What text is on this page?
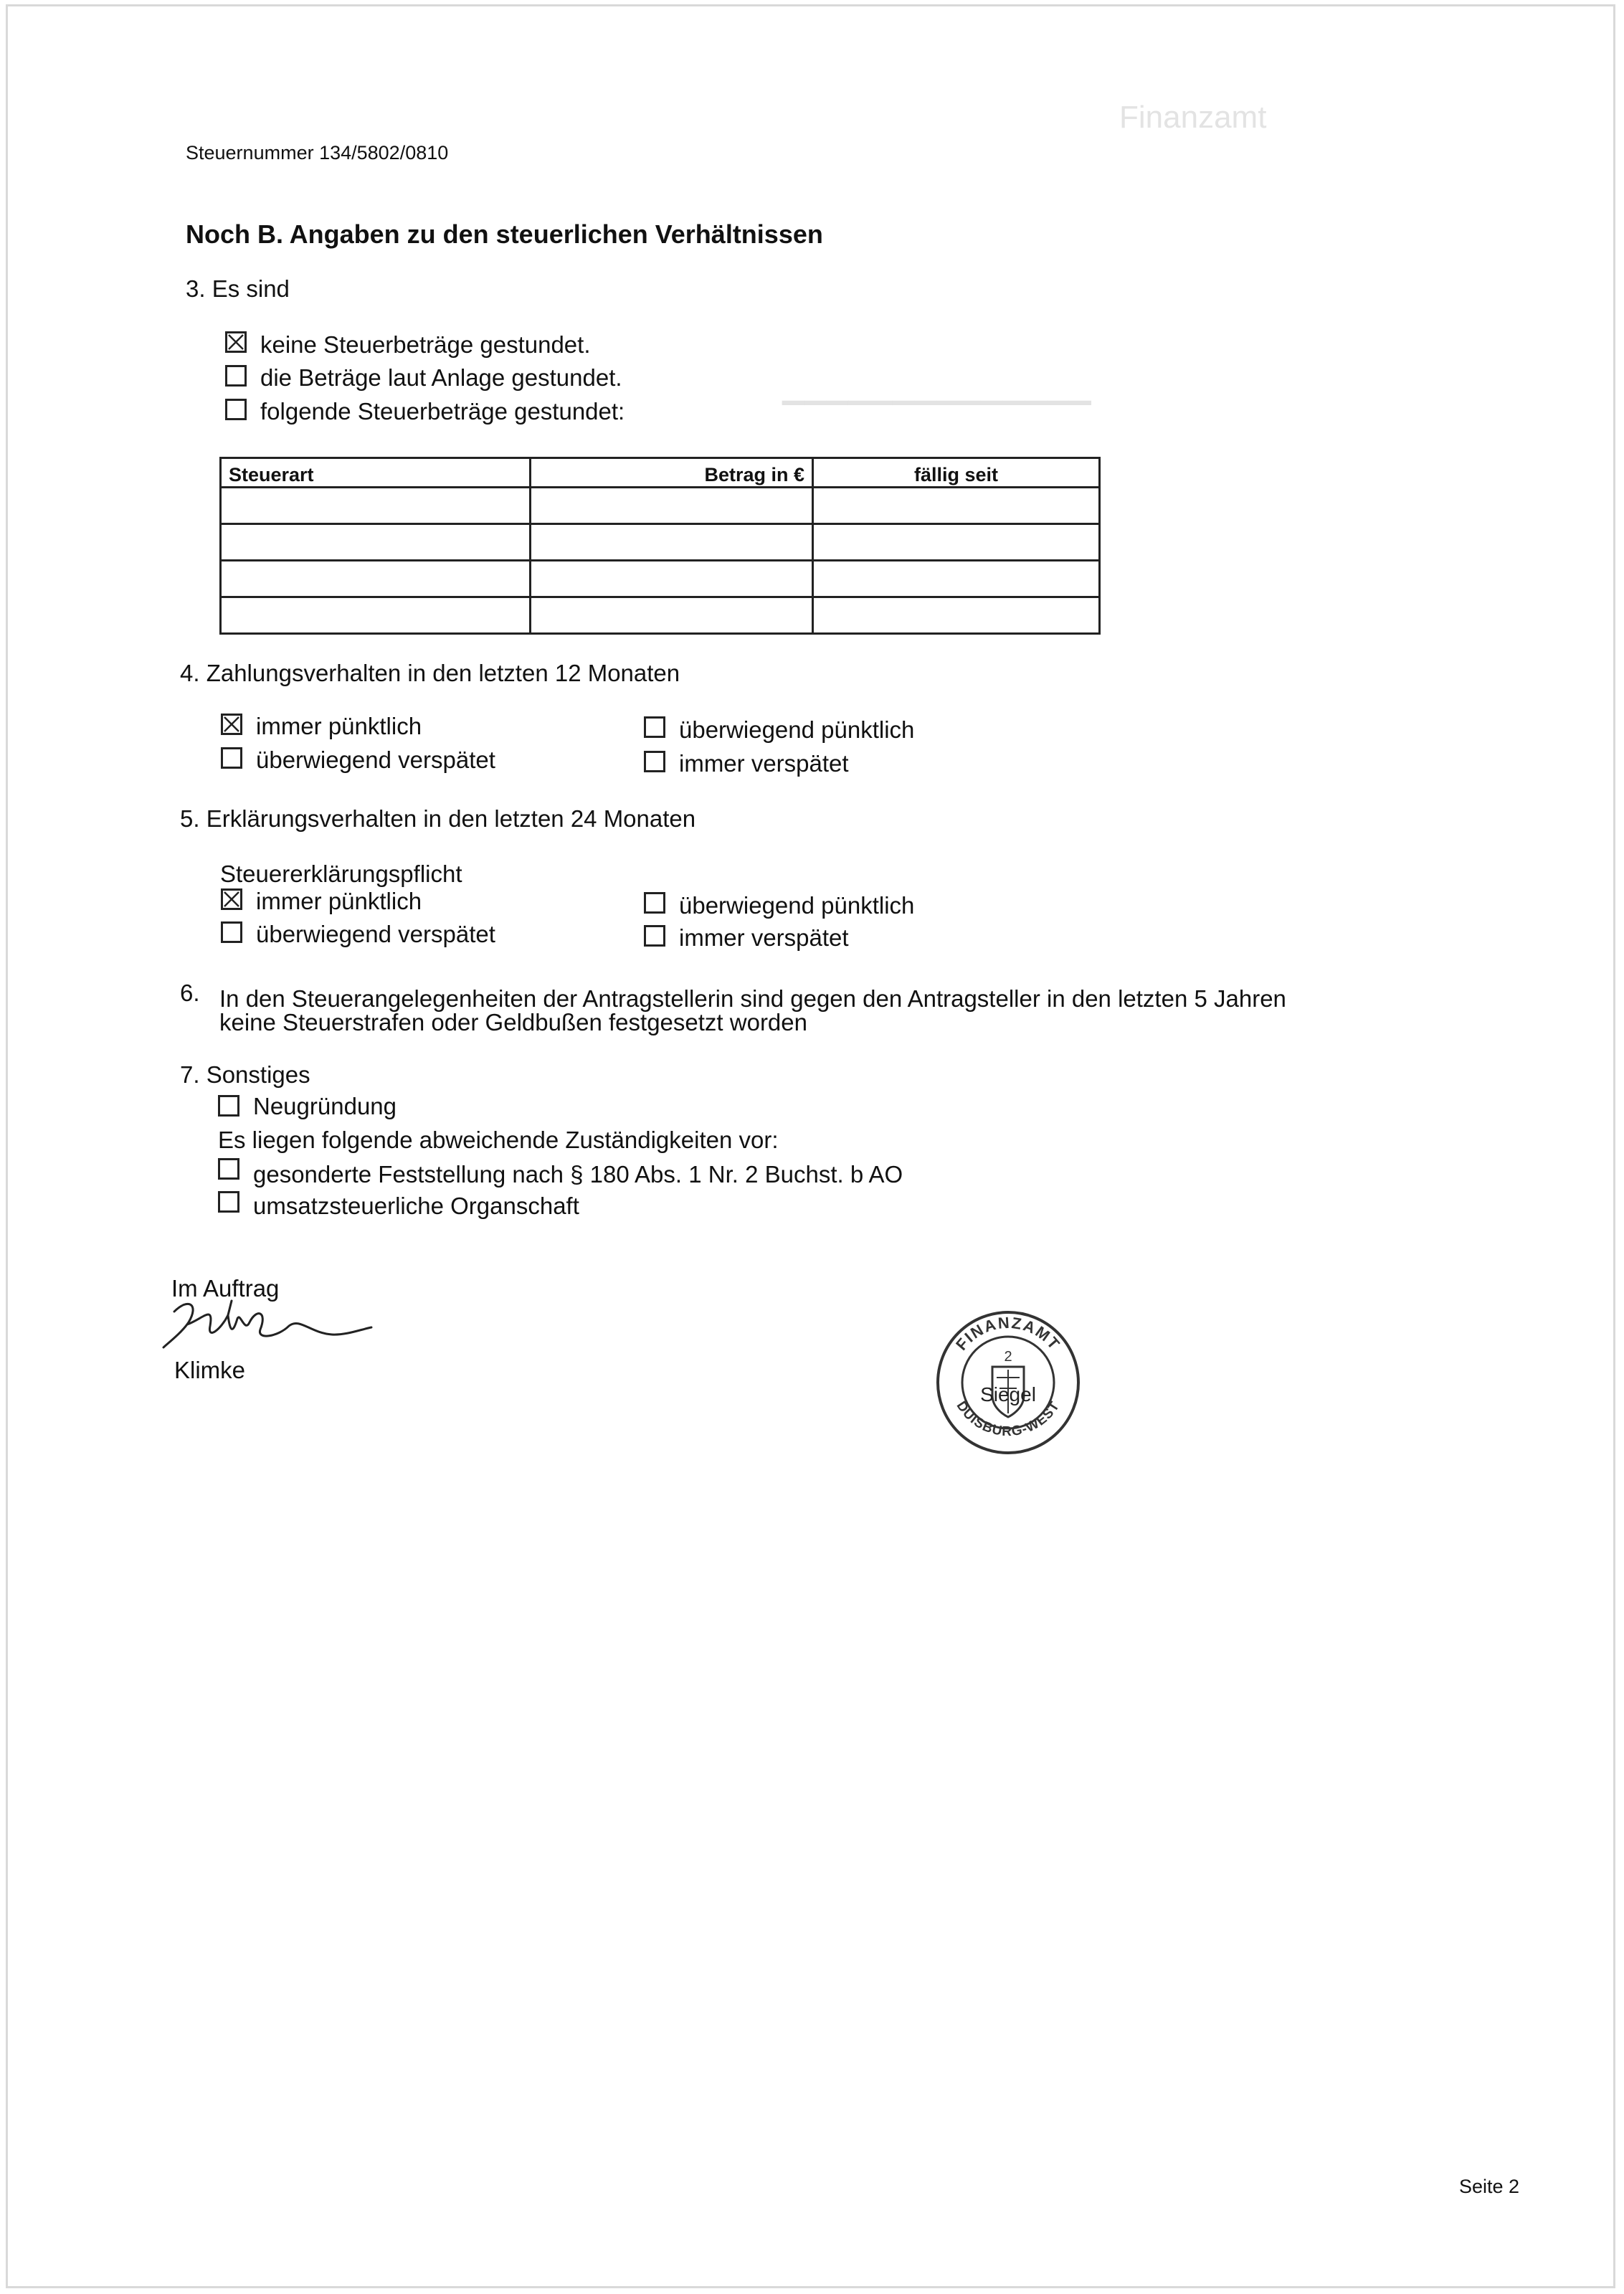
Finanzamt
▁▁▁▁▁▁▁▁▁▁▁▁▁▁
Steuernummer 134/5802/0810
Noch B. Angaben zu den steuerlichen Verhältnissen
3. Es sind
keine Steuerbeträge gestundet.
die Beträge laut Anlage gestundet.
folgende Steuerbeträge gestundet:
Steuerart	Betrag in €	fällig seit

4. Zahlungsverhalten in den letzten 12 Monaten
immer pünktlich	überwiegend pünktlich
überwiegend verspätet	immer verspätet
5. Erklärungsverhalten in den letzten 24 Monaten
Steuererklärungspflicht
immer pünktlich	überwiegend pünktlich
überwiegend verspätet	immer verspätet
6. In den Steuerangelegenheiten der Antragstellerin sind gegen den Antragsteller in den letzten 5 Jahren
keine Steuerstrafen oder Geldbußen festgesetzt worden
7. Sonstiges
Neugründung
Es liegen folgende abweichende Zuständigkeiten vor:
gesonderte Feststellung nach § 180 Abs. 1 Nr. 2 Buchst. b AO
umsatzsteuerliche Organschaft
Im Auftrag
Klimke
FINANZAMT
DUISBURG-WEST
2
Siegel
Seite 2
